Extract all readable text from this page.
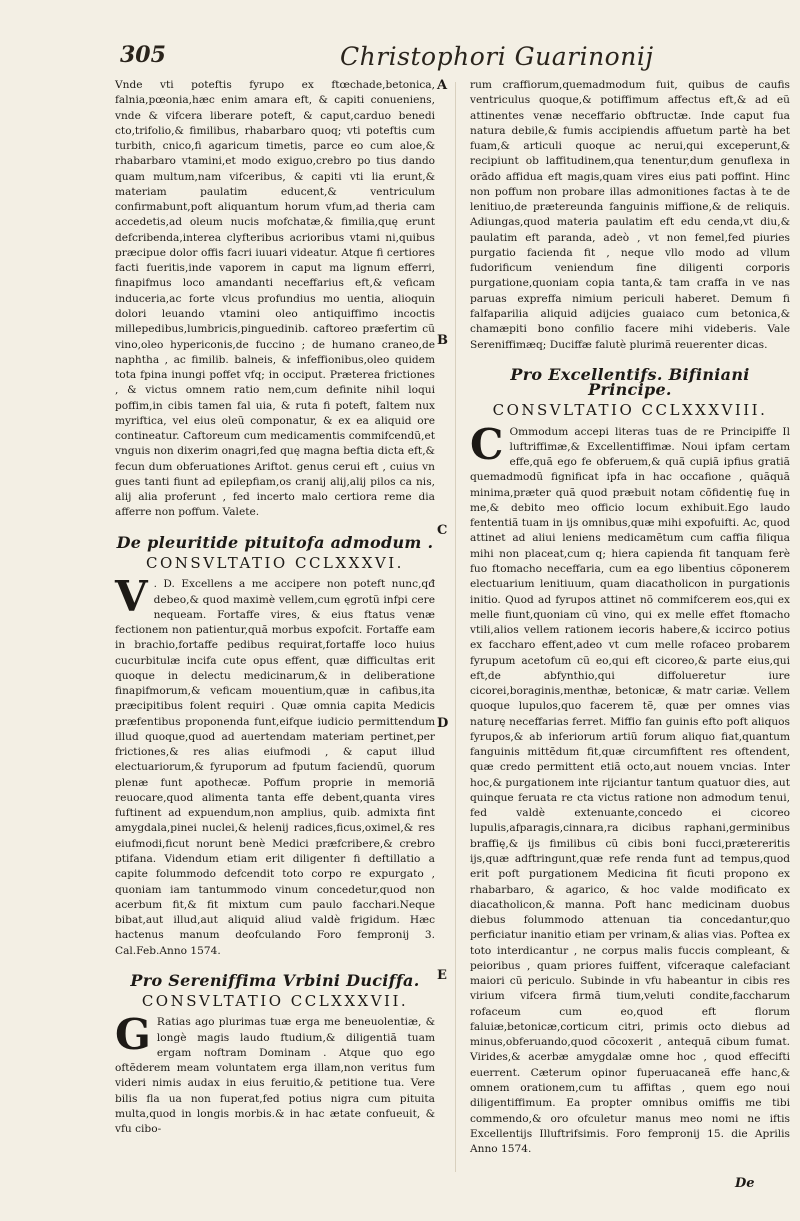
305	Christophori Guarinonij

Vnde vti poteftis fyrupo ex ftœchade,betonica, falnia,pœonia,hæc enim amara eft, & capiti conueniens, vnde & vifcera liberare poteft, & caput,carduo benedi cto,trifolio,& fimilibus, rhabarbaro quoq; vti poteftis cum turbith, cnico,fi agaricum timetis, parce eo cum aloe,& rhabarbaro vtamini,et modo exiguo,crebro po tius dando quam multum,nam vifceribus, & capiti vti lia erunt,& materiam paulatim educent,& ventriculum confirmabunt,poft aliquantum horum vfum,ad theria cam accedetis,ad oleum nucis mofchatæ,& fimilia,quę erunt defcribenda,interea clyfteribus acrioribus vtami ni,quibus præcipue dolor offis facri iuuari videatur. Atque fi certiores facti fueritis,inde vaporem in caput ma lignum efferri, finapifmus loco amandanti neceffarius eft,& veficam induceria,ac forte vlcus profundius mo uentia, alioquin dolori leuando vtamini oleo antiquiffimo incoctis millepedibus,lumbricis,pinguedinib. caftoreo præfertim cũ vino,oleo hypericonis,de fuccino ; de humano craneo,de naphtha , ac fimilib. balneis, & infeffionibus,oleo quidem tota fpina inungi poffet vfq; in occiput. Præterea frictiones , & victus omnem ratio nem,cum definite nihil loqui poffim,in cibis tamen fal uia, & ruta fi poteft, faltem nux myriftica, vel eius oleũ componatur, & ex ea aliquid ore contineatur. Caftoreum cum medicamentis commifcendũ,et vnguis non dixerim onagri,fed quę magna beftia dicta eft,& fecun dum obferuationes Ariftot. genus cerui eft , cuius vn gues tanti fiunt ad epilepfiam,os cranij alij,alij pilos ca nis, alij alia proferunt , fed incerto malo certiora reme dia afferre non poffum. Valete.

De pleuritide pituitofa admodum .
CONSVLTATIO CCLXXXVI.

V . D. Excellens a me accipere non poteft nunc,qđ debeo,& quod maximè vellem,cum ęgrotũ infpi cere nequeam. Fortaffe vires, & eius ftatus venæ fectionem non patientur,quã morbus expofcit. Fortaffe eam in brachio,fortaffe pedibus requirat,fortaffe loco huius cucurbitulæ incifa cute opus effent, quæ difficultas erit quoque in delectu medicinarum,& in deliberatione finapifmorum,& veficam mouentium,quæ in cafibus,ita præcipitibus folent requiri . Quæ omnia capita Medicis præfentibus proponenda funt,eifque iudicio permittendum illud quoque,quod ad auertendam materiam pertinet,per frictiones,& res alias eiufmodi , & caput illud electuariorum,& fyruporum ad fputum faciendũ, quorum plenæ funt apothecæ. Poffum proprie in memoriã reuocare,quod alimenta tanta effe debent,quanta vires fuftinent ad expuendum,non amplius, quib. admixta fint amygdala,pinei nuclei,& helenij radices,ficus,oximel,& res eiufmodi,ficut norunt benè Medici præfcribere,& crebro ptifana. Videndum etiam erit diligenter fi deftillatio a capite folummodo defcendit toto corpo re expurgato , quoniam iam tantummodo vinum concedetur,quod non acerbum fit,& fit mixtum cum paulo facchari.Neque bibat,aut illud,aut aliquid aliud valdè frigidum. Hæc hactenus manum deofculando Foro fempronij 3. Cal.Feb.Anno 1574.

Pro Sereniffima Vrbini Duciffa.
CONSVLTATIO CCLXXXVII.

G Ratias ago plurimas tuæ erga me beneuolentiæ, & longè magis laudo ftudium,& diligentiã tuam ergam noftram Dominam . Atque quo ego oftẽderem meam voluntatem erga illam,non veritus fum videri nimis audax in eius feruitio,& petitione tua. Vere bilis fla ua non fuperat,fed potius nigra cum pituita multa,quod in longis morbis.& in hac ætate confueuit, & vfu cibo-

A
B
C
D
E

rum craffiorum,quemadmodum fuit, quibus de caufis ventriculus quoque,& potiffimum affectus eft,& ad eũ attinentes venæ neceffario obftructæ. Inde caput fua natura debile,& fumis accipiendis affuetum partè ha bet fuam,& articuli quoque ac nerui,qui exceperunt,& recipiunt ob laffitudinem,qua tenentur,dum genuflexa in orãdo affidua eft magis,quam vires eius pati poffint. Hinc non poffum non probare illas admonitiones factas à te de lenitiuo,de prætereunda fanguinis miffione,& de reliquis. Adiungas,quod materia paulatim eft edu cenda,vt diu,& paulatim eft paranda, adeò , vt non femel,fed piuries purgatio facienda fit , neque vllo modo ad vllum fudorificum veniendum fine diligenti corporis purgatione,quoniam copia tanta,& tam craffa in ve nas paruas expreffa nimium periculi haberet. Demum fi falfaparilia aliquid adijcies guaiaco cum betonica,& chamæpiti bono confilio facere mihi videberis. Vale Sereniffimæq; Duciffæ falutè plurimã reuerenter dicas.

Pro Excellentifs. Bifiniani Principe.
CONSVLTATIO CCLXXXVIII.

C Ommodum accepi literas tuas de re Principiffe Il luftriffimæ,& Excellentiffimæ. Noui ipfam certam effe,quã ego fe obferuem,& quã cupiã ipfius gratiã quemadmodũ fignificat ipfa in hac occafione , quãquã minima,præter quã quod præbuit notam cõfidentię fuę in me,& debito meo officio locum exhibuit.Ego laudo fententiã tuam in ijs omnibus,quæ mihi expofuifti. Ac, quod attinet ad aliui leniens medicamẽtum cum caffia filiqua mihi non placeat,cum q; hiera capienda fit tanquam ferè fuo ftomacho neceffaria, cum ea ego libentius cõponerem electuarium lenitiuum, quam diacatholicon in purgationis initio. Quod ad fyrupos attinet nõ commifcerem eos,qui ex melle fiunt,quoniam cũ vino, qui ex melle effet ftomacho vtili,alios vellem rationem iecoris habere,& iccirco potius ex faccharo effent,adeo vt cum melle rofaceo probarem fyrupum acetofum cũ eo,qui eft cicoreo,& parte eius,qui eft,de abfynthio,qui diffolueretur iure cicorei,boraginis,menthæ, betonicæ, & matr cariæ. Vellem quoque lupulos,quo facerem tẽ, quæ per omnes vias naturę neceffarias ferret. Miffio fan guinis efto poft aliquos fyrupos,& ab inferiorum artiũ forum aliquo fiat,quantum fanguinis mittẽdum fit,quæ circumfiftent res oftendent, quæ credo permittent etiã octo,aut nouem vncias. Inter hoc,& purgationem inte rijciantur tantum quatuor dies, aut quinque feruata re cta victus ratione non admodum tenui, fed valdè extenuante,concedo ei cicoreo lupulis,afparagis,cinnara,ra dicibus raphani,germinibus braffię,& ijs fimilibus cũ cibis boni fucci,prætereritis ijs,quæ adftringunt,quæ refe renda funt ad tempus,quod erit poft purgationem Medicina fit ficuti propono ex rhabarbaro, & agarico, & hoc valde modificato ex diacatholicon,& manna. Poft hanc medicinam duobus diebus folummodo attenuan tia concedantur,quo perficiatur inanitio etiam per vrinam,& alias vias. Poftea ex toto interdicantur , ne corpus malis fuccis compleant, & peioribus , quam priores fuiffent, vifceraque calefaciant maiori cũ periculo. Subinde in vfu habeantur in cibis res virium vifcera firmã tium,veluti condite,faccharum rofaceum cum eo,quod eft florum faluiæ,betonicæ,corticum citri, primis octo diebus ad minus,obferuando,quod cõcoxerit , antequã cibum fumat. Virides,& acerbæ amygdalæ omne hoc , quod effecifti euerrent. Cæterum opinor fuperuacaneã effe hanc,& omnem orationem,cum tu affiftas , quem ego noui diligentiffimum. Ea propter omnibus omiffis me tibi commendo,& oro ofculetur manus meo nomi ne iftis Excellentijs Illuftrifsimis. Foro fempronij 15. die Aprilis Anno 1574.

De
